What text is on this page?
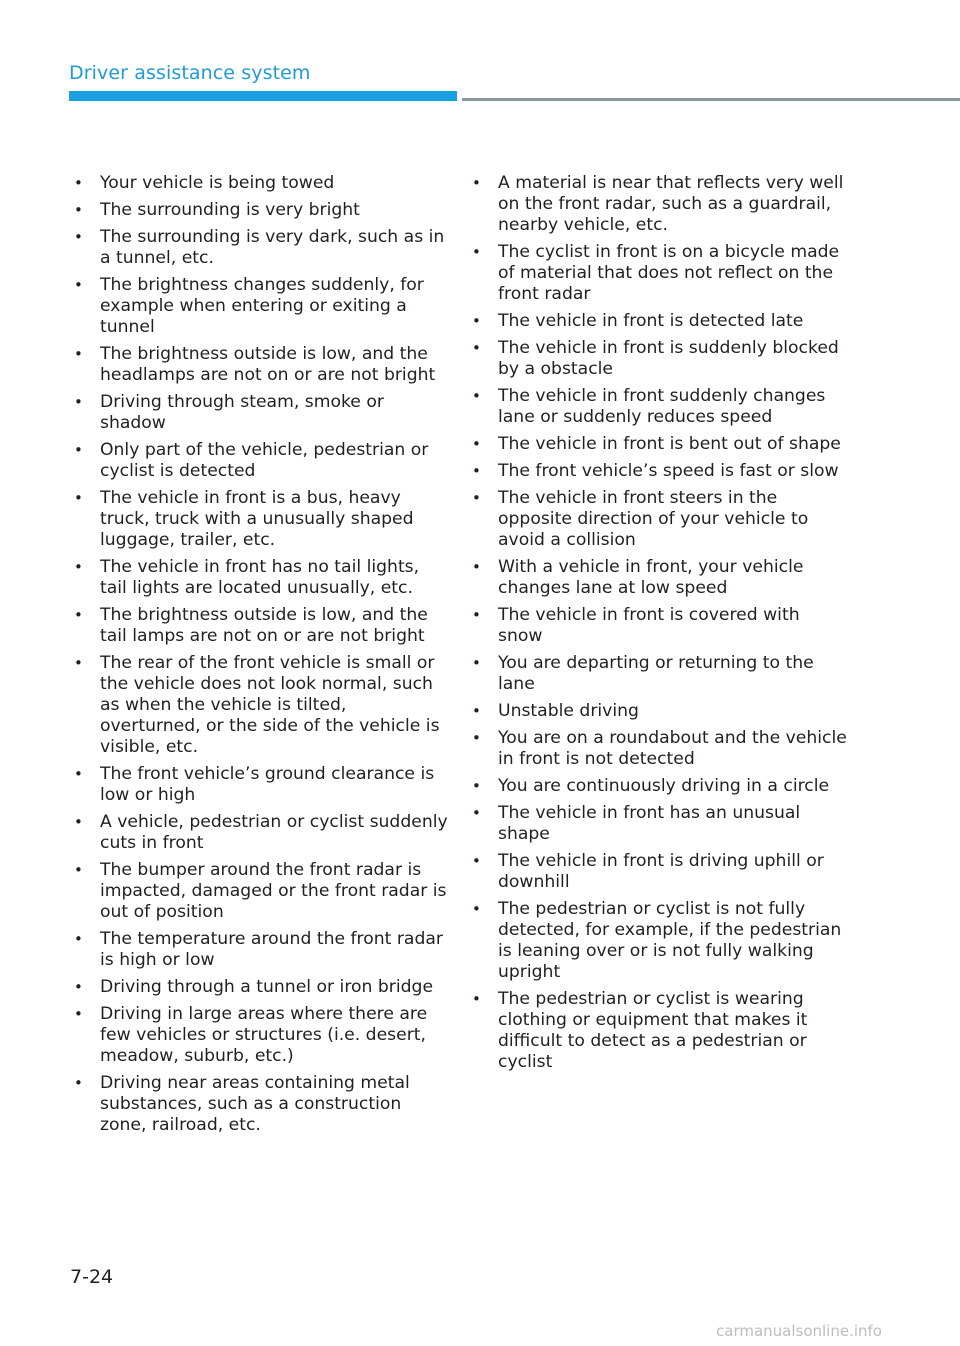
Driver assistance system
• Your vehicle is being towed
• The surrounding is very bright
• The surrounding is very dark, such as in a tunnel, etc.
• The brightness changes suddenly, for example when entering or exiting a tunnel
• The brightness outside is low, and the headlamps are not on or are not bright
• Driving through steam, smoke or shadow
• Only part of the vehicle, pedestrian or cyclist is detected
• The vehicle in front is a bus, heavy truck, truck with a unusually shaped luggage, trailer, etc.
• The vehicle in front has no tail lights, tail lights are located unusually, etc.
• The brightness outside is low, and the tail lamps are not on or are not bright
• The rear of the front vehicle is small or the vehicle does not look normal, such as when the vehicle is tilted, overturned, or the side of the vehicle is visible, etc.
• The front vehicle’s ground clearance is low or high
• A vehicle, pedestrian or cyclist suddenly cuts in front
• The bumper around the front radar is impacted, damaged or the front radar is out of position
• The temperature around the front radar is high or low
• Driving through a tunnel or iron bridge
• Driving in large areas where there are few vehicles or structures (i.e. desert, meadow, suburb, etc.)
• Driving near areas containing metal substances, such as a construction zone, railroad, etc.
• A material is near that reflects very well on the front radar, such as a guardrail, nearby vehicle, etc.
• The cyclist in front is on a bicycle made of material that does not reflect on the front radar
• The vehicle in front is detected late
• The vehicle in front is suddenly blocked by a obstacle
• The vehicle in front suddenly changes lane or suddenly reduces speed
• The vehicle in front is bent out of shape
• The front vehicle’s speed is fast or slow
• The vehicle in front steers in the opposite direction of your vehicle to avoid a collision
• With a vehicle in front, your vehicle changes lane at low speed
• The vehicle in front is covered with snow
• You are departing or returning to the lane
• Unstable driving
• You are on a roundabout and the vehicle in front is not detected
• You are continuously driving in a circle
• The vehicle in front has an unusual shape
• The vehicle in front is driving uphill or downhill
• The pedestrian or cyclist is not fully detected, for example, if the pedestrian is leaning over or is not fully walking upright
• The pedestrian or cyclist is wearing clothing or equipment that makes it difficult to detect as a pedestrian or cyclist
7-24
carmanualsonline.info
